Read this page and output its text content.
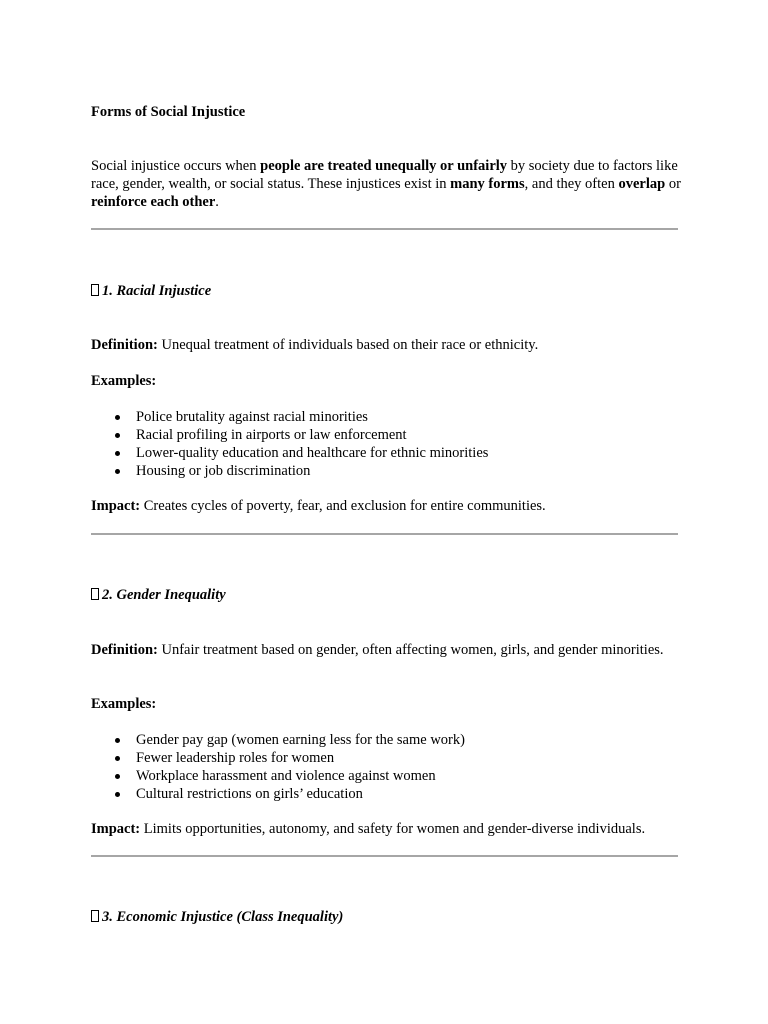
Forms of Social Injustice

Social injustice occurs when people are treated unequally or unfairly by society due to factors like race, gender, wealth, or social status. These injustices exist in many forms, and they often overlap or reinforce each other.

1. Racial Injustice
Definition: Unequal treatment of individuals based on their race or ethnicity.
Examples:
Police brutality against racial minorities
Racial profiling in airports or law enforcement
Lower-quality education and healthcare for ethnic minorities
Housing or job discrimination
Impact: Creates cycles of poverty, fear, and exclusion for entire communities.
2. Gender Inequality
Definition: Unfair treatment based on gender, often affecting women, girls, and gender minorities.
Examples:
Gender pay gap (women earning less for the same work)
Fewer leadership roles for women
Workplace harassment and violence against women
Cultural restrictions on girls’ education
Impact: Limits opportunities, autonomy, and safety for women and gender-diverse individuals.
3. Economic Injustice (Class Inequality)
